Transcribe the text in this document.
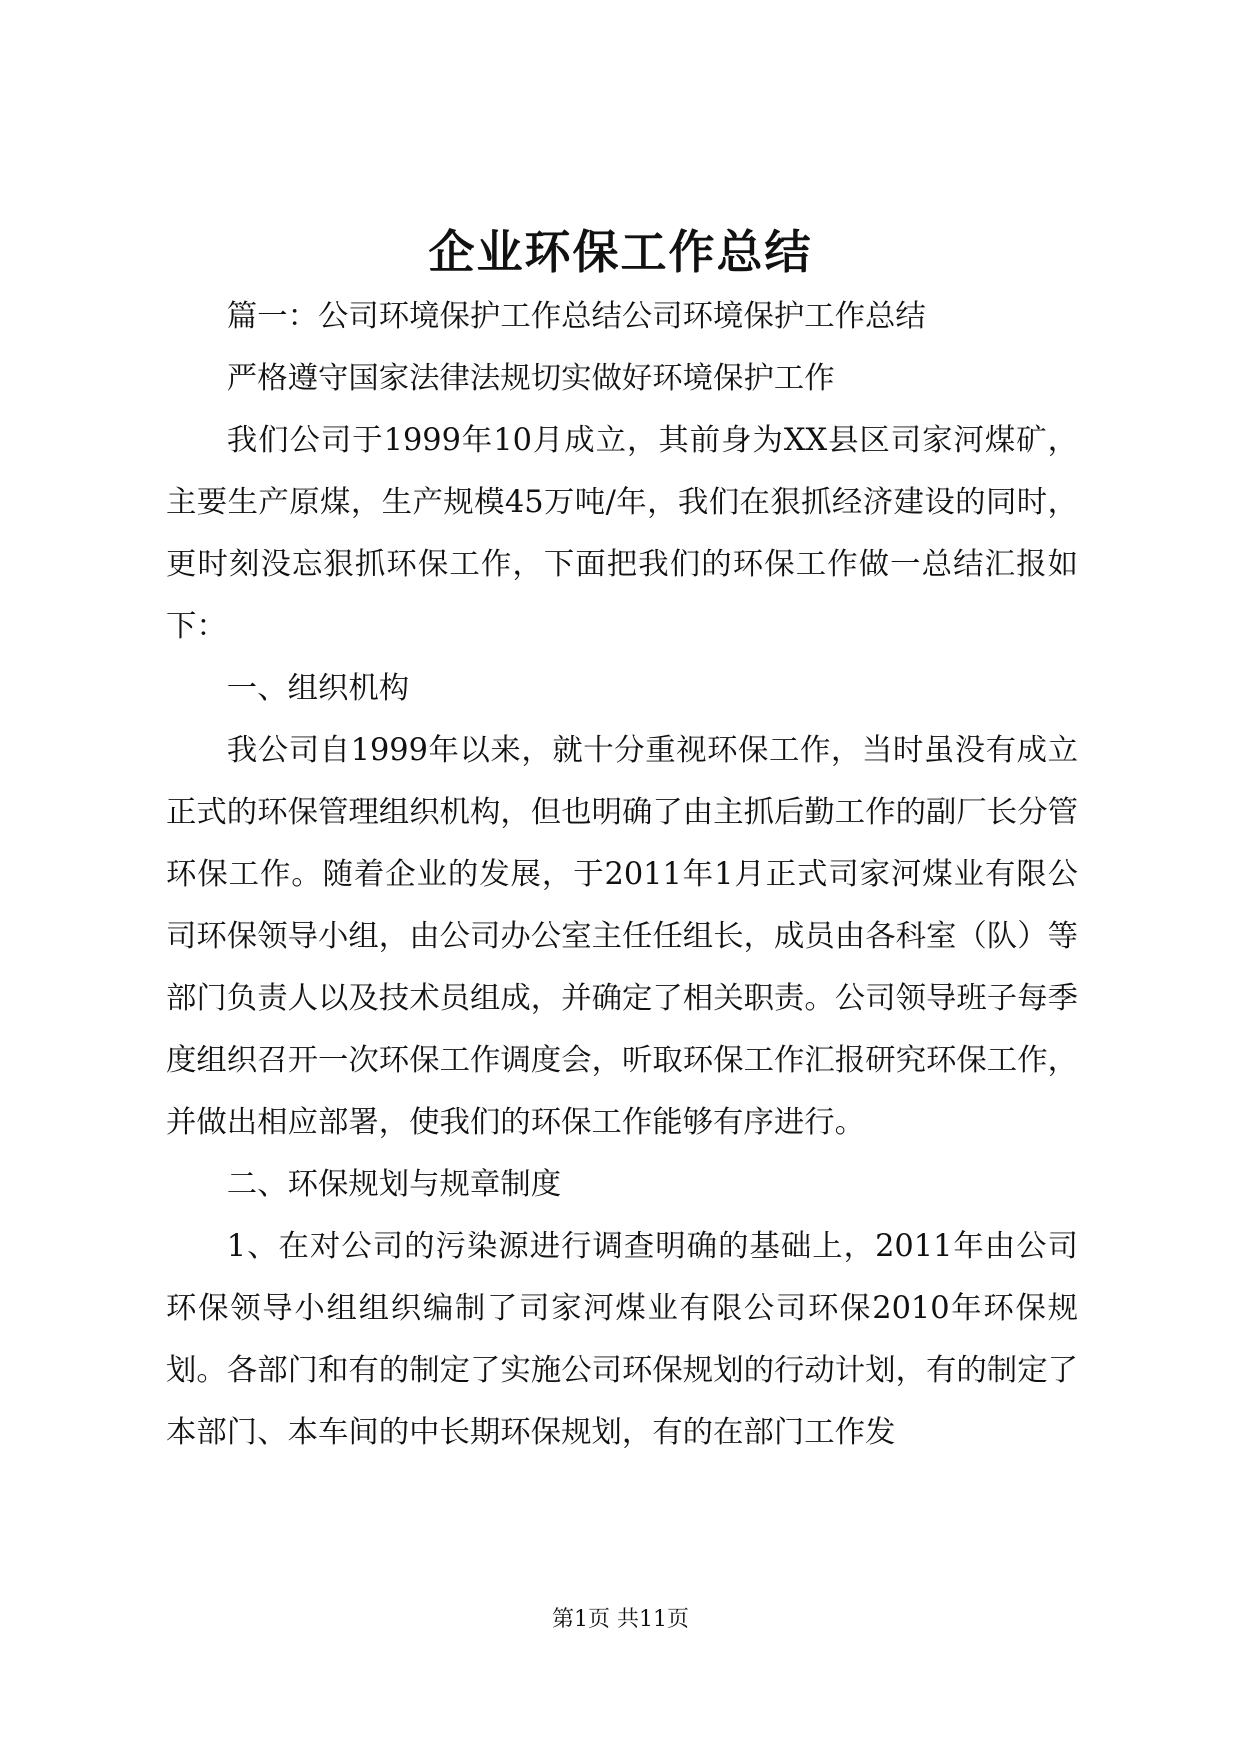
企业环保工作总结

篇一：公司环境保护工作总结公司环境保护工作总结

严格遵守国家法律法规切实做好环境保护工作

我们公司于1999年10月成立，其前身为XX县区司家河煤矿，主要生产原煤，生产规模45万吨/年，我们在狠抓经济建设的同时，更时刻没忘狠抓环保工作，下面把我们的环保工作做一总结汇报如下：

一、组织机构

我公司自1999年以来，就十分重视环保工作，当时虽没有成立正式的环保管理组织机构，但也明确了由主抓后勤工作的副厂长分管环保工作。随着企业的发展，于2011年1月正式司家河煤业有限公司环保领导小组，由公司办公室主任任组长，成员由各科室（队）等部门负责人以及技术员组成，并确定了相关职责。公司领导班子每季度组织召开一次环保工作调度会，听取环保工作汇报研究环保工作，并做出相应部署，使我们的环保工作能够有序进行。

二、环保规划与规章制度

1、在对公司的污染源进行调查明确的基础上，2011年由公司环保领导小组组织编制了司家河煤业有限公司环保2010年环保规划。各部门和有的制定了实施公司环保规划的行动计划，有的制定了本部门、本车间的中长期环保规划，有的在部门工作发

第1页 共11页
